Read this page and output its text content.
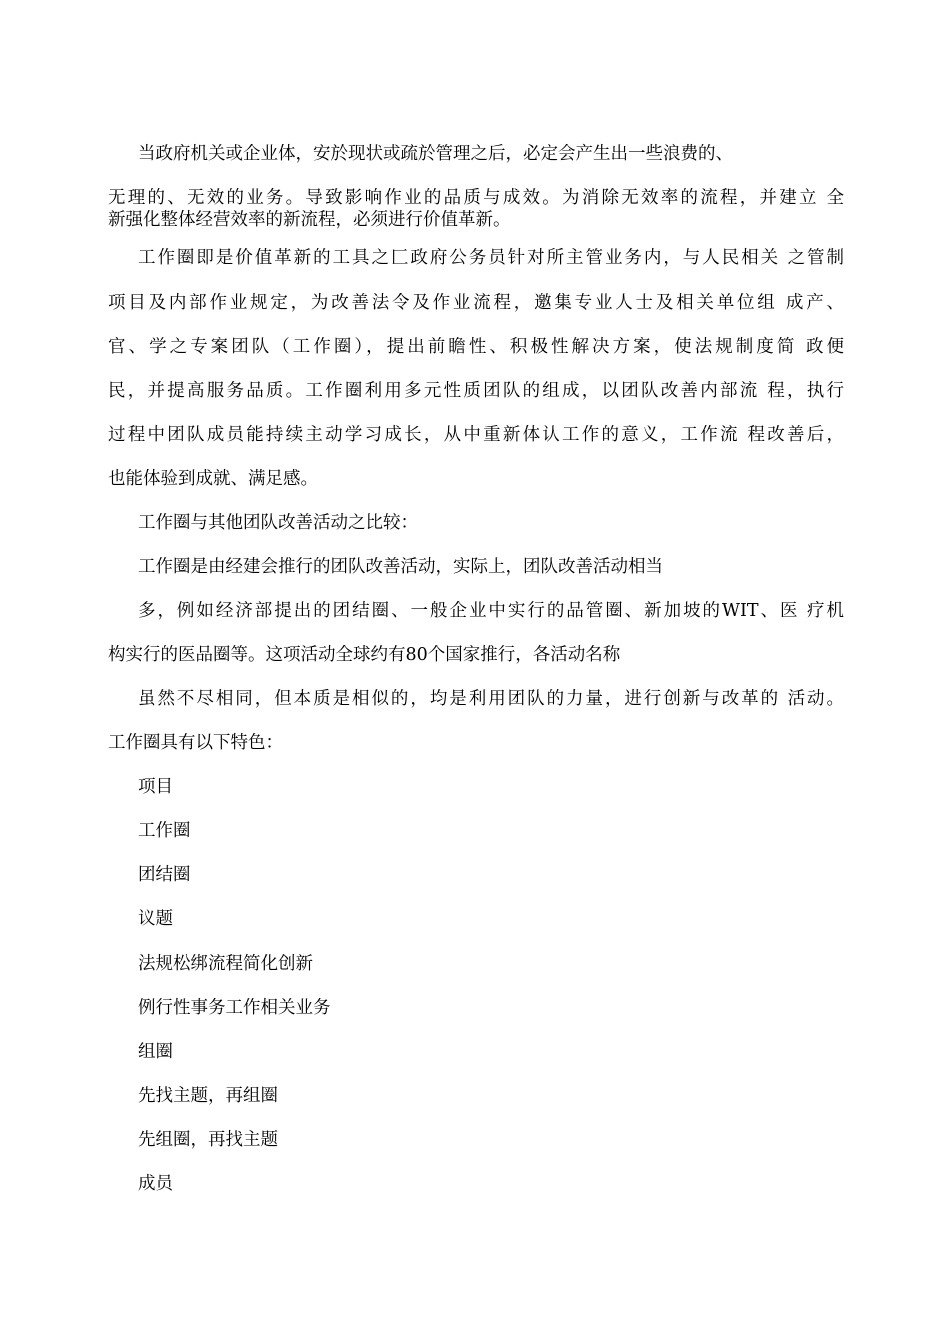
当政府机关或企业体，安於现状或疏於管理之后，必定会产生出一些浪费的、
无理的、无效的业务。导致影响作业的品质与成效。为消除无效率的流程，并建立 全
新强化整体经营效率的新流程，必须进行价值革新。
工作圈即是价值革新的工具之匚政府公务员针对所主管业务内，与人民相关 之管制
项目及内部作业规定，为改善法令及作业流程，邀集专业人士及相关单位组 成产、
官、学之专案团队（工作圈），提出前瞻性、积极性解决方案，使法规制度简 政便
民，并提高服务品质。工作圈利用多元性质团队的组成，以团队改善内部流 程，执行
过程中团队成员能持续主动学习成长，从中重新体认工作的意义，工作流 程改善后，
也能体验到成就、满足感。
工作圈与其他团队改善活动之比较：
工作圈是由经建会推行的团队改善活动，实际上，团队改善活动相当
多，例如经济部提出的团结圈、一般企业中实行的品管圈、新加坡的WIT、医 疗机
构实行的医品圈等。这项活动全球约有80个国家推行，各活动名称
虽然不尽相同，但本质是相似的，均是利用团队的力量，进行创新与改革的 活动。
工作圈具有以下特色：
项目
工作圈
团结圈
议题
法规松绑流程简化创新
例行性事务工作相关业务
组圈
先找主题，再组圈
先组圈，再找主题
成员
